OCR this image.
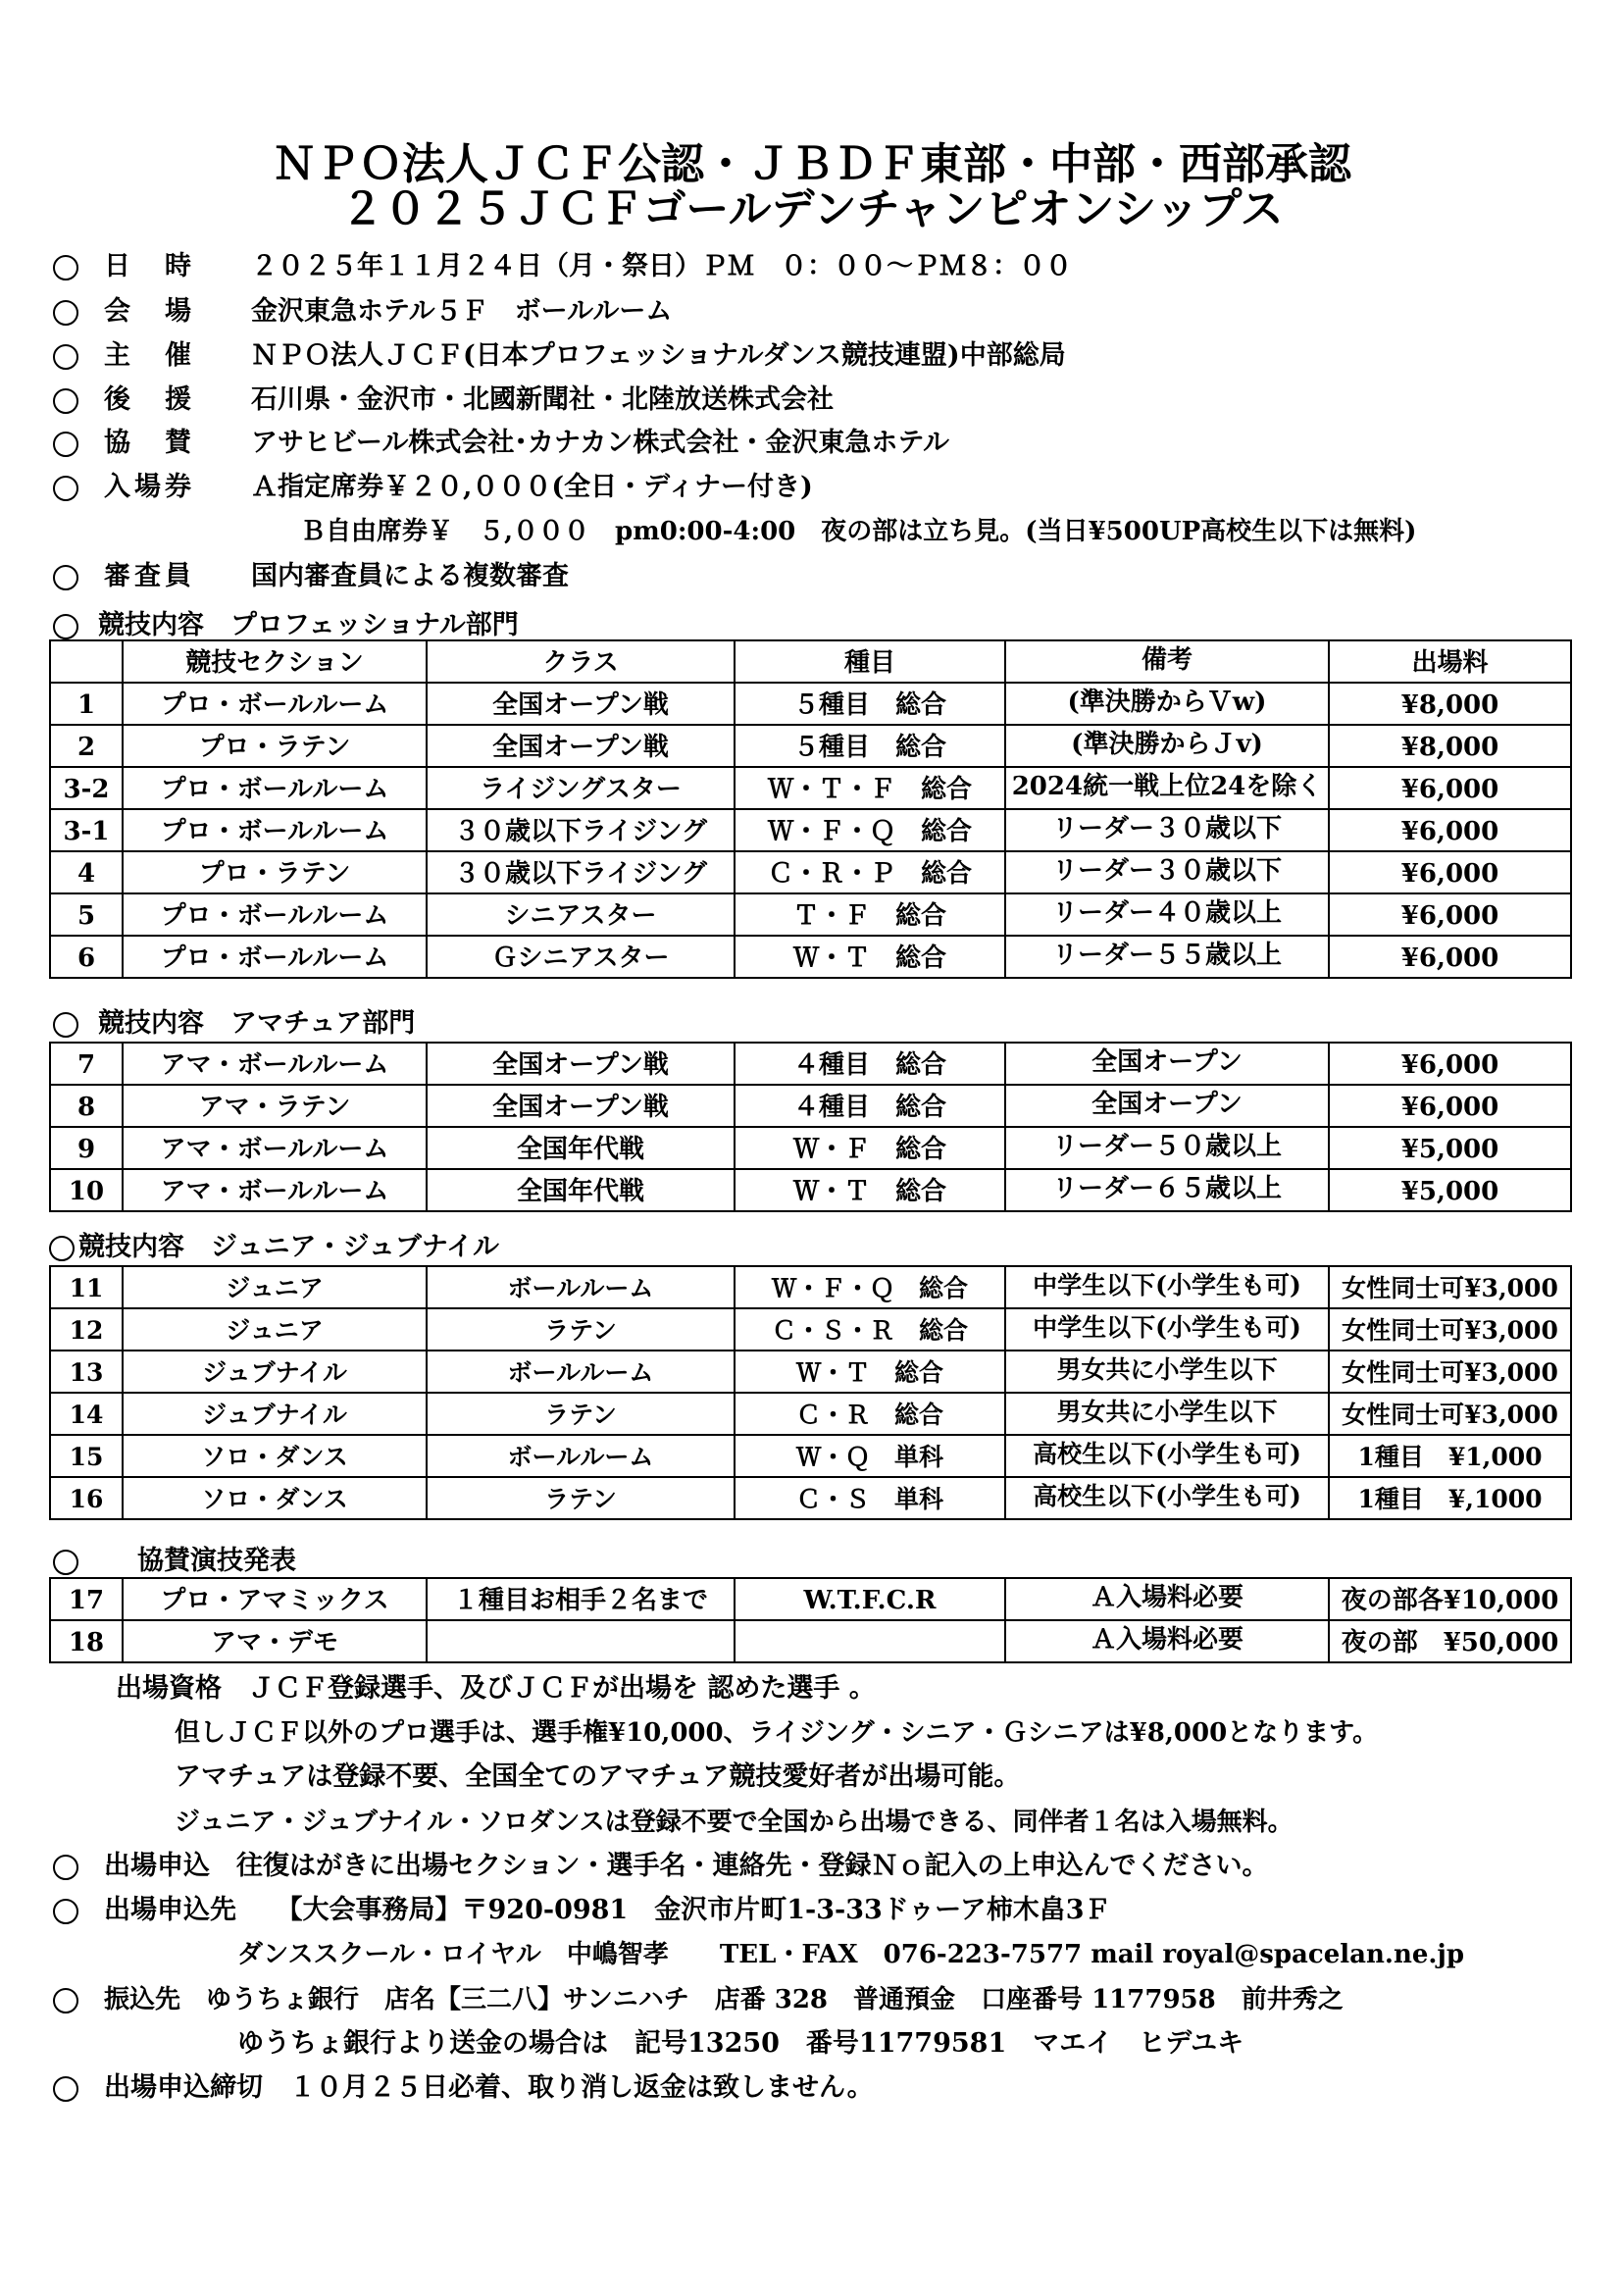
ＮＰＯ法人ＪＣＦ公認・ＪＢＤＦ東部・中部・西部承認
２０２５ＪＣＦゴールデンチャンピオンシップス
日　時 ２０２５年１１月２４日（月・祭日）ＰＭ　０：００～ＰＭ８：００
会　場 金沢東急ホテル５Ｆ　ボールルーム
主　催 ＮＰＯ法人ＪＣＦ(日本プロフェッショナルダンス競技連盟)中部総局
後　援 石川県・金沢市・北國新聞社・北陸放送株式会社
協　賛 アサヒビール株式会社･カナカン株式会社・金沢東急ホテル
入場券 Ａ指定席券￥２０,０００(全日・ディナー付き)
Ｂ自由席券￥　５,０００　pm0:00-4:00　夜の部は立ち見。(当日¥500UP高校生以下は無料)
審査員 国内審査員による複数審査
競技内容　プロフェッショナル部門
	競技セクション	クラス	種目	備考	出場料
1	プロ・ボールルーム	全国オープン戦	５種目　総合	(準決勝からＶw)	¥8,000
2	プロ・ラテン	全国オープン戦	５種目　総合	(準決勝からＪv)	¥8,000
3-2	プロ・ボールルーム	ライジングスター	Ｗ・Ｔ・Ｆ　総合	2024統一戦上位24を除く	¥6,000
3-1	プロ・ボールルーム	３０歳以下ライジング	Ｗ・Ｆ・Ｑ　総合	リーダー３０歳以下	¥6,000
4	プロ・ラテン	３０歳以下ライジング	Ｃ・Ｒ・Ｐ　総合	リーダー３０歳以下	¥6,000
5	プロ・ボールルーム	シニアスター	Ｔ・Ｆ　総合	リーダー４０歳以上	¥6,000
6	プロ・ボールルーム	Ｇシニアスター	Ｗ・Ｔ　総合	リーダー５５歳以上	¥6,000
競技内容　アマチュア部門
7	アマ・ボールルーム	全国オープン戦	４種目　総合	全国オープン	¥6,000
8	アマ・ラテン	全国オープン戦	４種目　総合	全国オープン	¥6,000
9	アマ・ボールルーム	全国年代戦	Ｗ・Ｆ　総合	リーダー５０歳以上	¥5,000
10	アマ・ボールルーム	全国年代戦	Ｗ・Ｔ　総合	リーダー６５歳以上	¥5,000
競技内容　ジュニア・ジュブナイル
11	ジュニア	ボールルーム	Ｗ・Ｆ・Ｑ　総合	中学生以下(小学生も可)	女性同士可¥3,000
12	ジュニア	ラテン	Ｃ・Ｓ・Ｒ　総合	中学生以下(小学生も可)	女性同士可¥3,000
13	ジュブナイル	ボールルーム	Ｗ・Ｔ　総合	男女共に小学生以下	女性同士可¥3,000
14	ジュブナイル	ラテン	Ｃ・Ｒ　総合	男女共に小学生以下	女性同士可¥3,000
15	ソロ・ダンス	ボールルーム	Ｗ・Ｑ　単科	高校生以下(小学生も可)	1種目　¥1,000
16	ソロ・ダンス	ラテン	Ｃ・Ｓ　単科	高校生以下(小学生も可)	1種目　¥,1000
協賛演技発表
17	プロ・アマミックス	１種目お相手２名まで	W.T.F.C.R	Ａ入場料必要	夜の部各¥10,000
18	アマ・デモ			Ａ入場料必要	夜の部　¥50,000
出場資格　ＪＣＦ登録選手、及びＪＣＦが出場を 認めた選手 。
但しＪＣＦ以外のプロ選手は、選手権¥10,000、ライジング・シニア・Ｇシニアは¥8,000となります。
アマチュアは登録不要、全国全てのアマチュア競技愛好者が出場可能。
ジュニア・ジュブナイル・ソロダンスは登録不要で全国から出場できる、同伴者１名は入場無料。
出場申込　往復はがきに出場セクション・選手名・連絡先・登録Ｎｏ記入の上申込んでください。
出場申込先　　【大会事務局】〒920-0981　金沢市片町1-3-33ドゥーア柿木畠3Ｆ
ダンススクール・ロイヤル　中嶋智孝　　TEL・FAX　076-223-7577 mail royal@spacelan.ne.jp
振込先　ゆうちょ銀行　店名【三二八】サンニハチ　店番 328　普通預金　口座番号 1177958　前井秀之
ゆうちょ銀行より送金の場合は　記号13250　番号11779581　マエイ　ヒデユキ
出場申込締切　１０月２５日必着、取り消し返金は致しません。
